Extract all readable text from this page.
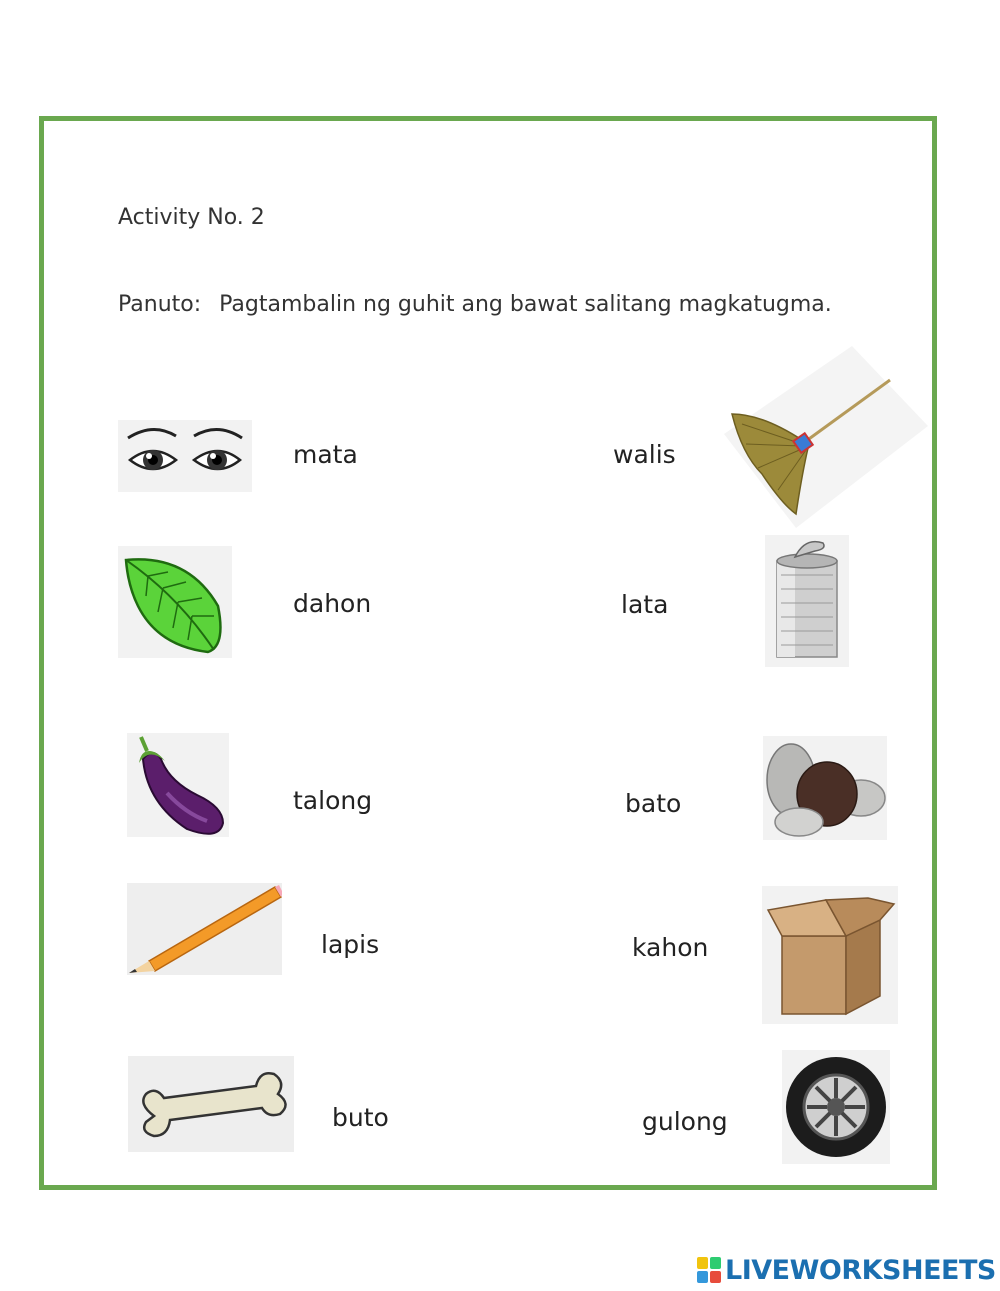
Activity No. 2
Panuto: Pagtambalin ng guhit ang bawat salitang magkatugma.
mata
dahon
talong
lapis
buto
walis
lata
bato
kahon
gulong
LIVEWORKSHEETS
